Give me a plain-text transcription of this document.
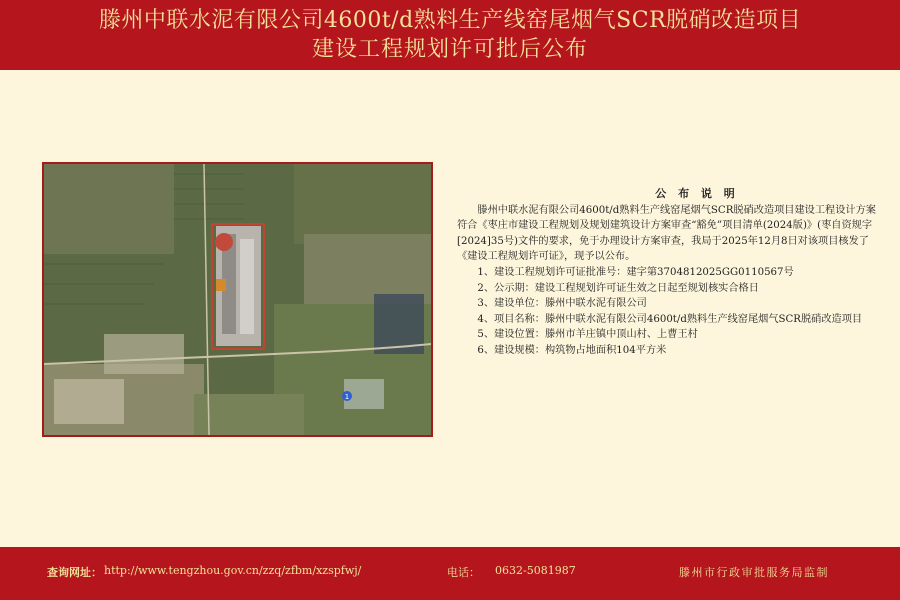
滕州中联水泥有限公司4600t/d熟料生产线窑尾烟气SCR脱硝改造项目
建设工程规划许可批后公布
1

公 布 说 明

滕州中联水泥有限公司4600t/d熟料生产线窑尾烟气SCR脱硝改造项目建设工程设计方案符合《枣庄市建设工程规划及规划建筑设计方案审查“豁免”项目清单(2024版)》(枣自资规字[2024]35号)文件的要求，免于办理设计方案审查，我局于2025年12月8日对该项目核发了《建设工程规划许可证》，现予以公布。

1、建设工程规划许可证批准号：建字第3704812025GG0110567号

2、公示期：建设工程规划许可证生效之日起至规划核实合格日

3、建设单位：滕州中联水泥有限公司

4、项目名称：滕州中联水泥有限公司4600t/d熟料生产线窑尾烟气SCR脱硝改造项目

5、建设位置：滕州市羊庄镇中顶山村、上曹王村

6、建设规模：构筑物占地面积104平方米

查询网址： http://www.tengzhou.gov.cn/zzq/zfbm/xzspfwj/	电话： 0632-5081987	滕州市行政审批服务局监制
